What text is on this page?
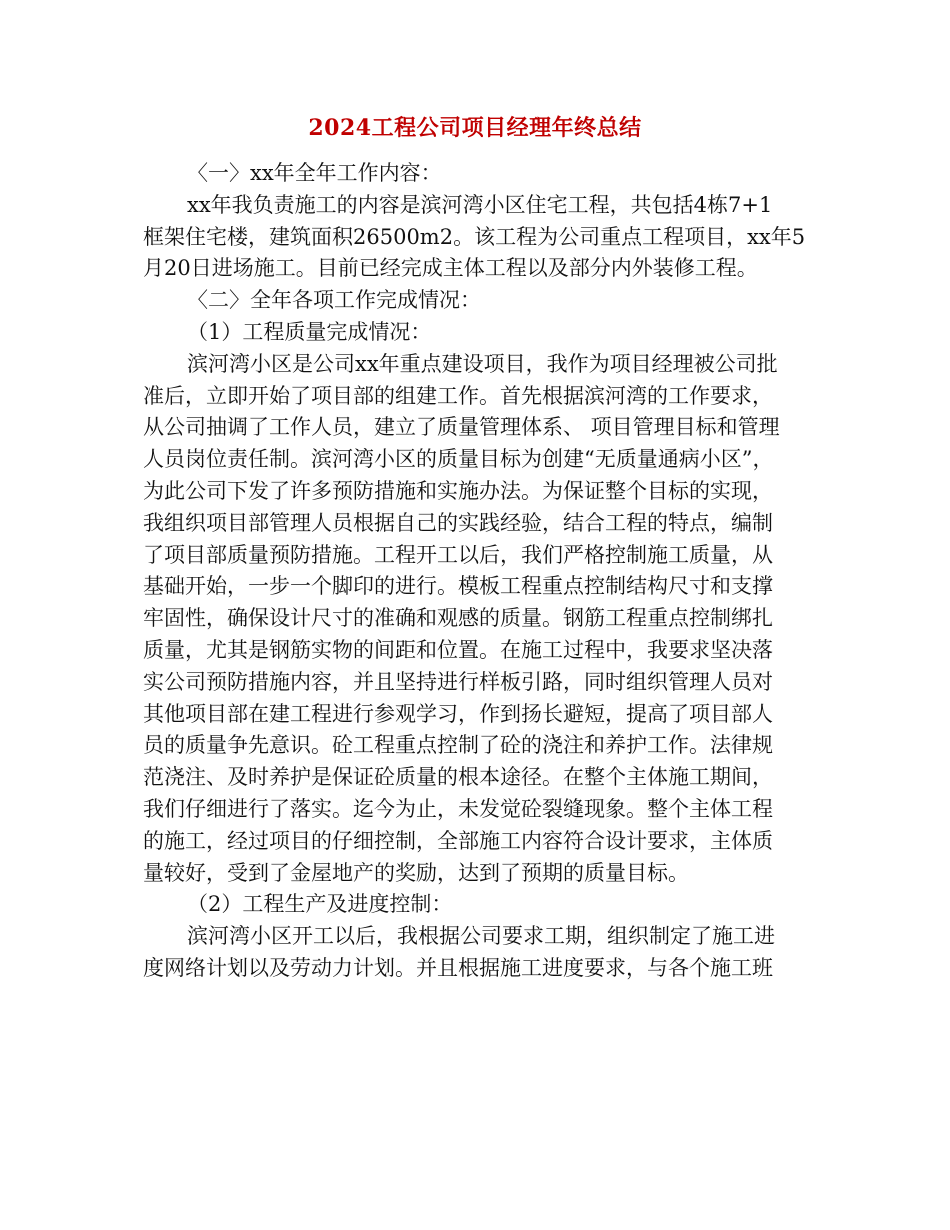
2024工程公司项目经理年终总结

〈一〉xx年全年工作内容：

xx年我负责施工的内容是滨河湾小区住宅工程，共包括4栋7+1
框架住宅楼，建筑面积26500m2。该工程为公司重点工程项目，xx年5
月20日进场施工。目前已经完成主体工程以及部分内外装修工程。

〈二〉全年各项工作完成情况：

（1）工程质量完成情况：

滨河湾小区是公司xx年重点建设项目，我作为项目经理被公司批
准后，立即开始了项目部的组建工作。首先根据滨河湾的工作要求，
从公司抽调了工作人员，建立了质量管理体系、 项目管理目标和管理
人员岗位责任制。滨河湾小区的质量目标为创建“无质量通病小区”，
为此公司下发了许多预防措施和实施办法。为保证整个目标的实现，
我组织项目部管理人员根据自己的实践经验，结合工程的特点，编制
了项目部质量预防措施。工程开工以后，我们严格控制施工质量，从
基础开始，一步一个脚印的进行。模板工程重点控制结构尺寸和支撑
牢固性，确保设计尺寸的准确和观感的质量。钢筋工程重点控制绑扎
质量，尤其是钢筋实物的间距和位置。在施工过程中，我要求坚决落
实公司预防措施内容，并且坚持进行样板引路，同时组织管理人员对
其他项目部在建工程进行参观学习，作到扬长避短，提高了项目部人
员的质量争先意识。砼工程重点控制了砼的浇注和养护工作。法律规
范浇注、及时养护是保证砼质量的根本途径。在整个主体施工期间，
我们仔细进行了落实。迄今为止，未发觉砼裂缝现象。整个主体工程
的施工，经过项目的仔细控制，全部施工内容符合设计要求，主体质
量较好，受到了金屋地产的奖励，达到了预期的质量目标。

（2）工程生产及进度控制：

滨河湾小区开工以后，我根据公司要求工期，组织制定了施工进
度网络计划以及劳动力计划。并且根据施工进度要求，与各个施工班
